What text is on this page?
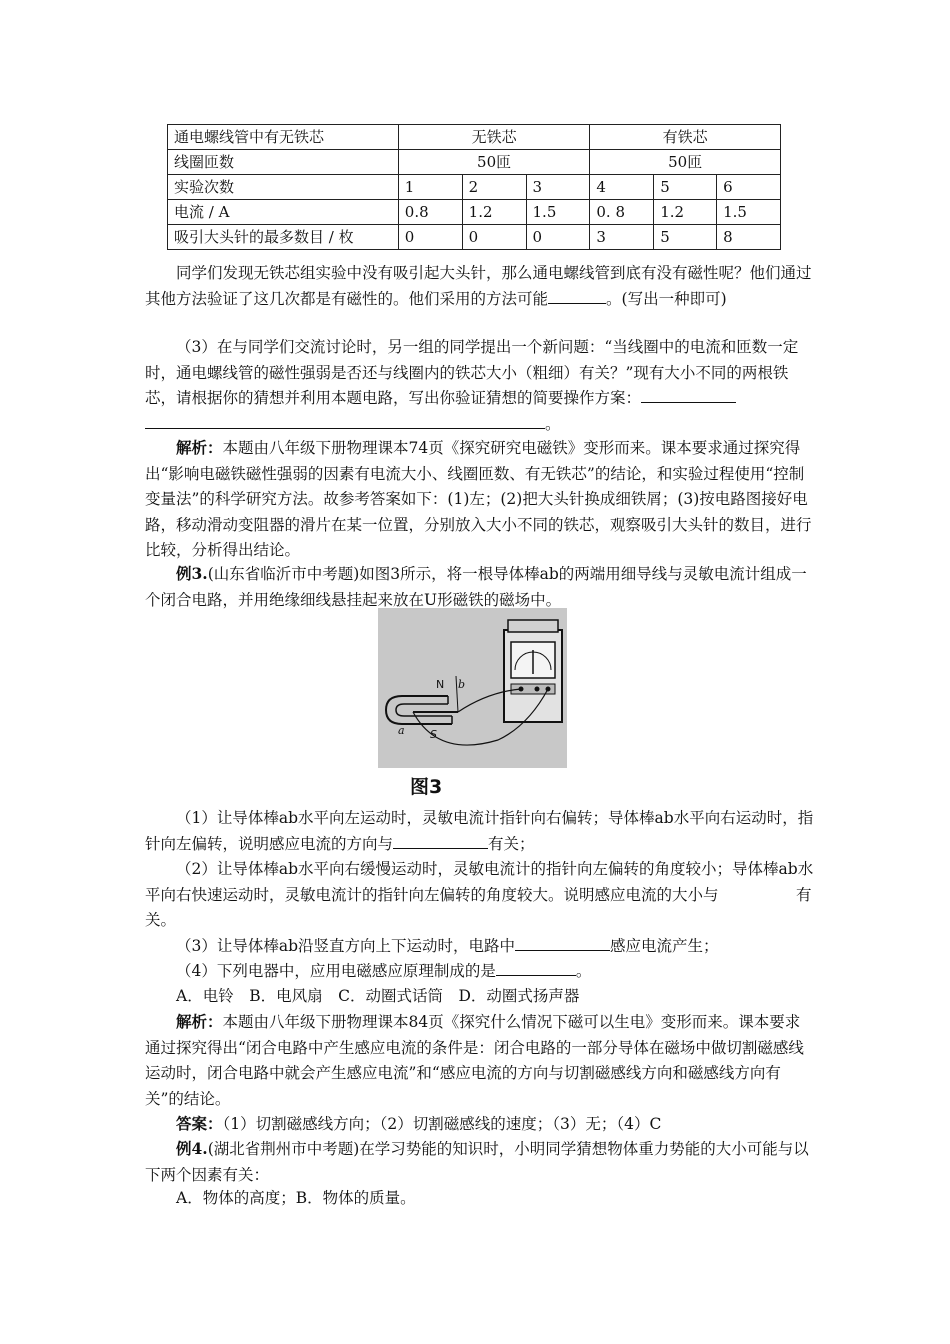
通电螺线管中有无铁芯	无铁芯			有铁芯		
线圈匝数	50匝			50匝		
实验次数	1	2	3	4	5	6
电流 / A	0.8	1.2	1.5	0. 8	1.2	1.5
吸引大头针的最多数目 / 枚	0	0	0	3	5	8

同学们发现无铁芯组实验中没有吸引起大头针，那么通电螺线管到底有没有磁性呢？他们通过其他方法验证了这几次都是有磁性的。他们采用的方法可能	。(写出一种即可)

（3）在与同学们交流讨论时，另一组的同学提出一个新问题：“当线圈中的电流和匝数一定时，通电螺线管的磁性强弱是否还与线圈内的铁芯大小（粗细）有关？”现有大小不同的两根铁芯，请根据你的猜想并利用本题电路，写出你验证猜想的简要操作方案：。

解析：本题由八年级下册物理课本74页《探究研究电磁铁》变形而来。课本要求通过探究得出“影响电磁铁磁性强弱的因素有电流大小、线圈匝数、有无铁芯”的结论，和实验过程使用“控制变量法”的科学研究方法。故参考答案如下：(1)左；(2)把大头针换成细铁屑；(3)按电路图接好电路，移动滑动变阻器的滑片在某一位置，分别放入大小不同的铁芯，观察吸引大头针的数目，进行比较，分析得出结论。

例3.(山东省临沂市中考题)如图3所示，将一根导体棒ab的两端用细导线与灵敏电流计组成一个闭合电路，并用绝缘细线悬挂起来放在U形磁铁的磁场中。

N b
a S
图3

（1）让导体棒ab水平向左运动时，灵敏电流计指针向右偏转；导体棒ab水平向右运动时，指针向左偏转，说明感应电流的方向与	有关；

（2）让导体棒ab水平向右缓慢运动时，灵敏电流计的指针向左偏转的角度较小；导体棒ab水平向右快速运动时，灵敏电流计的指针向左偏转的角度较大。说明感应电流的大小与　　　　　有关。

（3）让导体棒ab沿竖直方向上下运动时，电路中	感应电流产生；

（4）下列电器中，应用电磁感应原理制成的是	。

A．电铃　B．电风扇　C．动圈式话筒　D．动圈式扬声器

解析：本题由八年级下册物理课本84页《探究什么情况下磁可以生电》变形而来。课本要求通过探究得出“闭合电路中产生感应电流的条件是：闭合电路的一部分导体在磁场中做切割磁感线运动时，闭合电路中就会产生感应电流”和“感应电流的方向与切割磁感线方向和磁感线方向有关”的结论。

答案：（1）切割磁感线方向；（2）切割磁感线的速度；（3）无；（4）C

例4.(湖北省荆州市中考题)在学习势能的知识时，小明同学猜想物体重力势能的大小可能与以下两个因素有关：

A．物体的高度；B．物体的质量。
